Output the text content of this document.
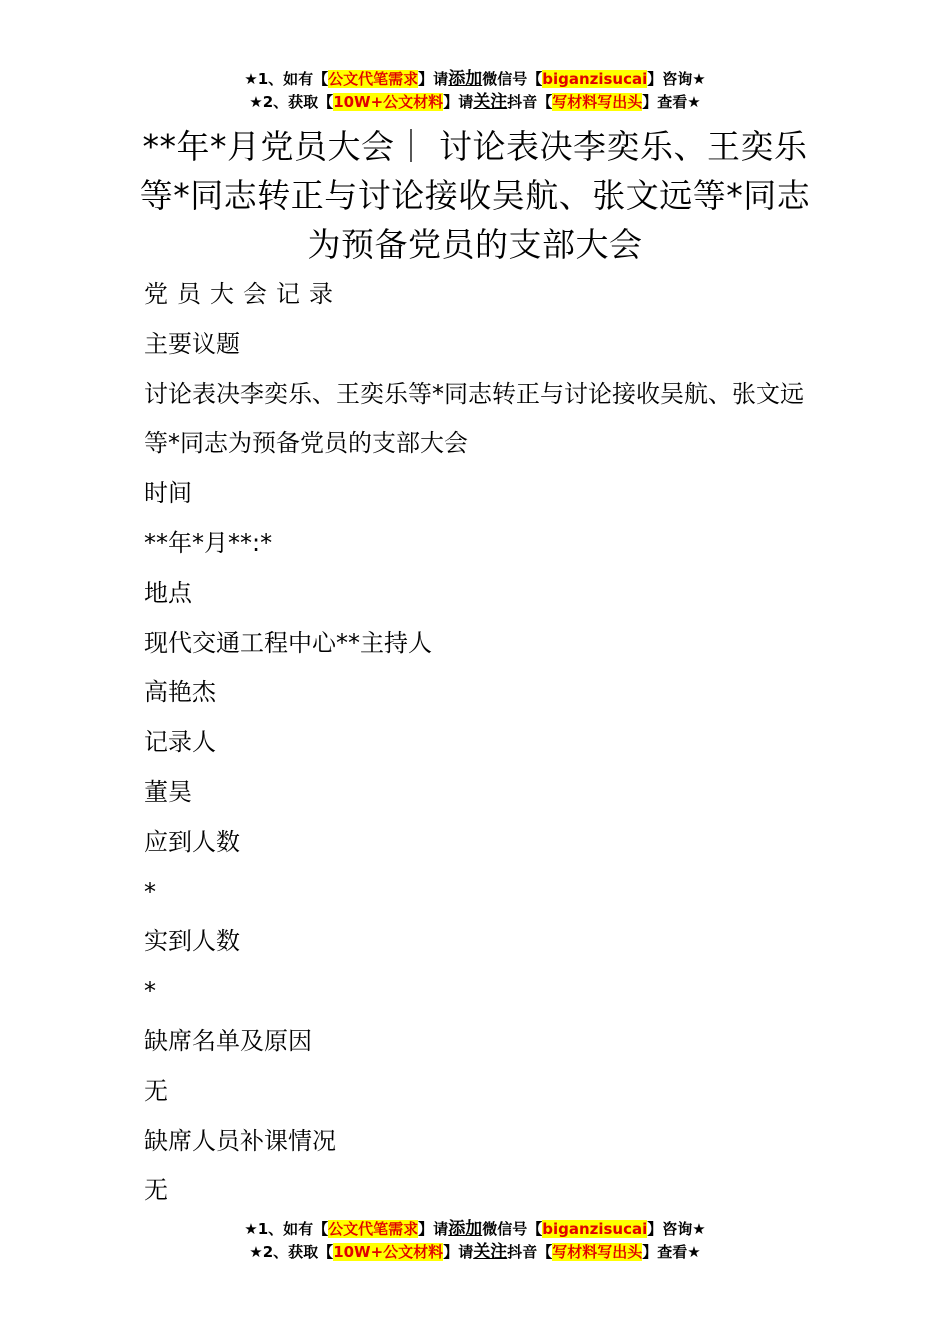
★1、如有【公文代笔需求】请添加微信号【biganzisucai】咨询★
★2、获取【10W+公文材料】请关注抖音【写材料写出头】查看★
**年*月党员大会｜ 讨论表决李奕乐、王奕乐等*同志转正与讨论接收吴航、张文远等*同志为预备党员的支部大会

党员大会记录

主要议题

讨论表决李奕乐、王奕乐等*同志转正与讨论接收吴航、张文远等*同志为预备党员的支部大会

时间

**年*月**:*

地点

现代交通工程中心**主持人

高艳杰

记录人

董昊

应到人数

*

实到人数

*

缺席名单及原因

无

缺席人员补课情况

无

★1、如有【公文代笔需求】请添加微信号【biganzisucai】咨询★
★2、获取【10W+公文材料】请关注抖音【写材料写出头】查看★
